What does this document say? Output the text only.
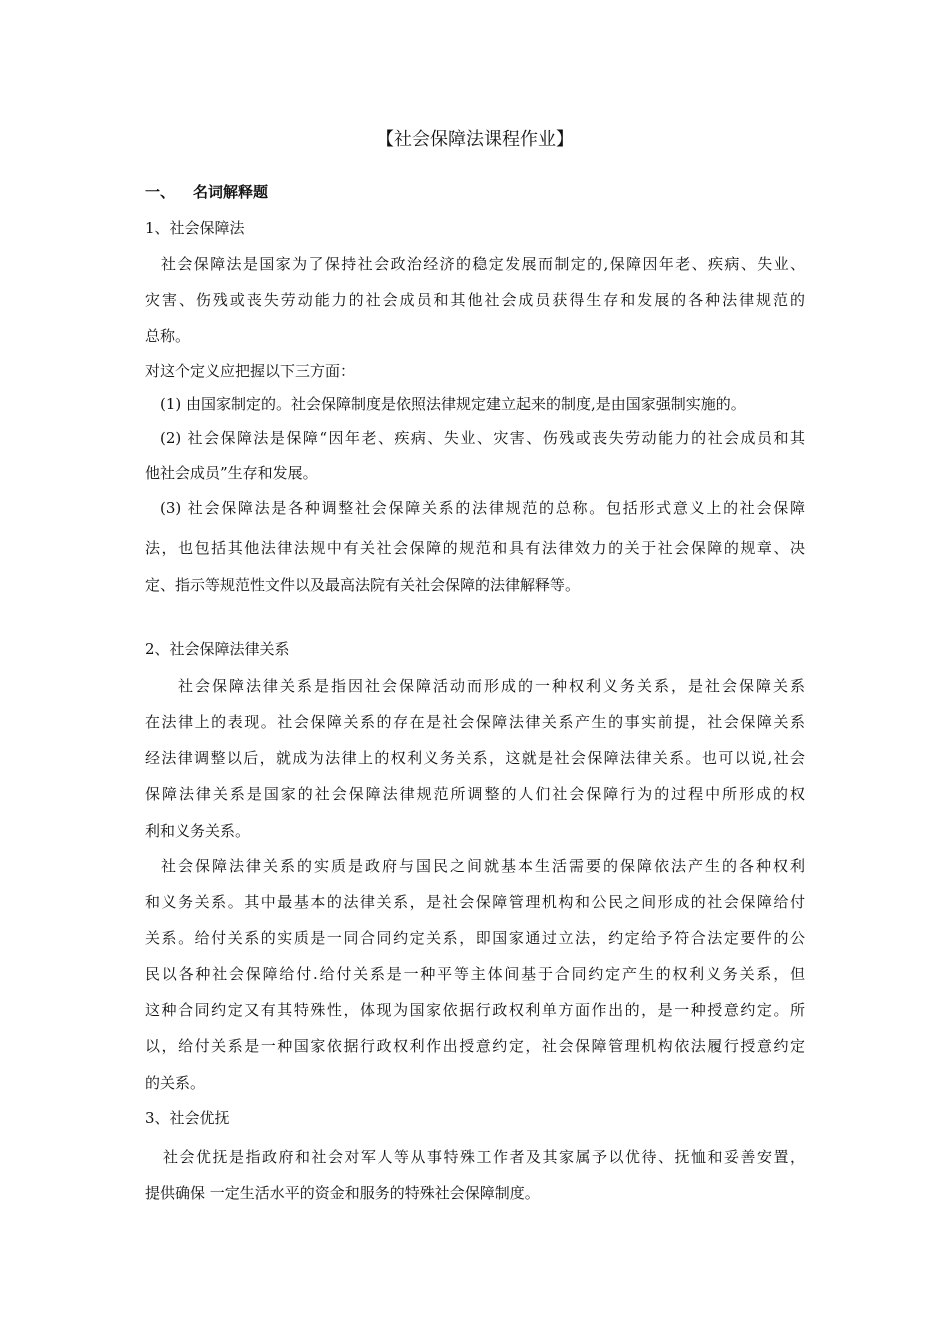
【社会保障法课程作业】
一、 名词解释题
1、社会保障法
社会保障法是国家为了保持社会政治经济的稳定发展而制定的,保障因年老、疾病、失业、
灾害、伤残或丧失劳动能力的社会成员和其他社会成员获得生存和发展的各种法律规范的
总称。
对这个定义应把握以下三方面：
(1) 由国家制定的。社会保障制度是依照法律规定建立起来的制度,是由国家强制实施的。
(2) 社会保障法是保障“因年老、疾病、失业、灾害、伤残或丧失劳动能力的社会成员和其
他社会成员”生存和发展。
(3) 社会保障法是各种调整社会保障关系的法律规范的总称。包括形式意义上的社会保障
法，也包括其他法律法规中有关社会保障的规范和具有法律效力的关于社会保障的规章、决
定、指示等规范性文件以及最高法院有关社会保障的法律解释等。
2、社会保障法律关系
社会保障法律关系是指因社会保障活动而形成的一种权利义务关系，是社会保障关系
在法律上的表现。社会保障关系的存在是社会保障法律关系产生的事实前提，社会保障关系
经法律调整以后，就成为法律上的权利义务关系，这就是社会保障法律关系。也可以说,社会
保障法律关系是国家的社会保障法律规范所调整的人们社会保障行为的过程中所形成的权
利和义务关系。
社会保障法律关系的实质是政府与国民之间就基本生活需要的保障依法产生的各种权利
和义务关系。其中最基本的法律关系，是社会保障管理机构和公民之间形成的社会保障给付
关系。给付关系的实质是一同合同约定关系，即国家通过立法，约定给予符合法定要件的公
民以各种社会保障给付.给付关系是一种平等主体间基于合同约定产生的权利义务关系，但
这种合同约定又有其特殊性，体现为国家依据行政权利单方面作出的，是一种授意约定。所
以，给付关系是一种国家依据行政权利作出授意约定，社会保障管理机构依法履行授意约定
的关系。
3、社会优抚
社会优抚是指政府和社会对军人等从事特殊工作者及其家属予以优待、抚恤和妥善安置，
提供确保 一定生活水平的资金和服务的特殊社会保障制度。
